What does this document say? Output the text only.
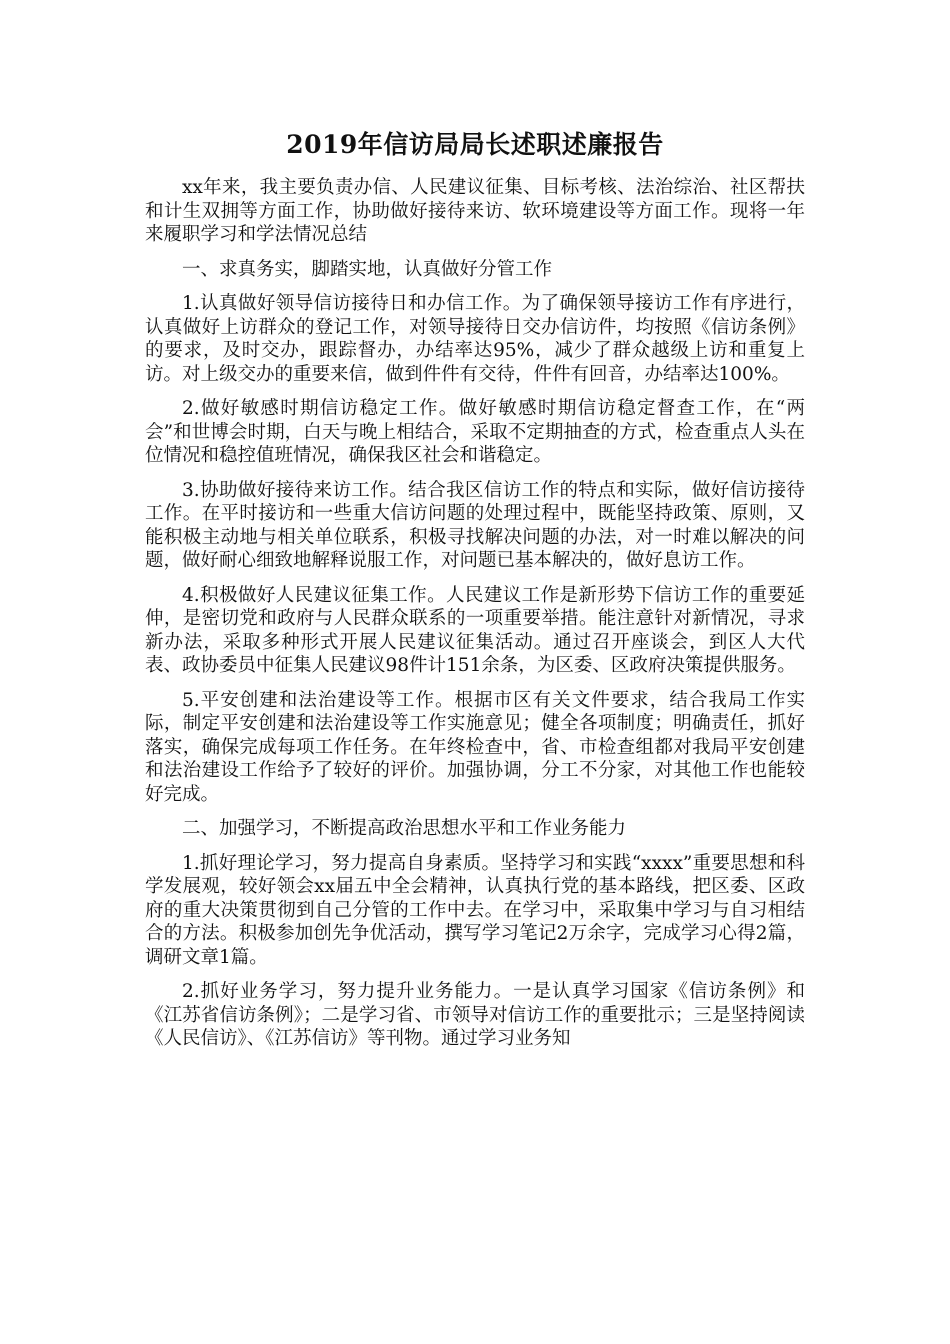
2019年信访局局长述职述廉报告

xx年来，我主要负责办信、人民建议征集、目标考核、法治综治、社区帮扶和计生双拥等方面工作，协助做好接待来访、软环境建设等方面工作。现将一年来履职学习和学法情况总结

一、求真务实，脚踏实地，认真做好分管工作

1.认真做好领导信访接待日和办信工作。为了确保领导接访工作有序进行，认真做好上访群众的登记工作，对领导接待日交办信访件，均按照《信访条例》的要求，及时交办，跟踪督办，办结率达95%，减少了群众越级上访和重复上访。对上级交办的重要来信，做到件件有交待，件件有回音，办结率达100%。

2.做好敏感时期信访稳定工作。做好敏感时期信访稳定督查工作，在“两会”和世博会时期，白天与晚上相结合，采取不定期抽查的方式，检查重点人头在位情况和稳控值班情况，确保我区社会和谐稳定。

3.协助做好接待来访工作。结合我区信访工作的特点和实际，做好信访接待工作。在平时接访和一些重大信访问题的处理过程中，既能坚持政策、原则，又能积极主动地与相关单位联系，积极寻找解决问题的办法，对一时难以解决的问题，做好耐心细致地解释说服工作，对问题已基本解决的，做好息访工作。

4.积极做好人民建议征集工作。人民建议工作是新形势下信访工作的重要延伸，是密切党和政府与人民群众联系的一项重要举措。能注意针对新情况，寻求新办法，采取多种形式开展人民建议征集活动。通过召开座谈会，到区人大代表、政协委员中征集人民建议98件计151余条，为区委、区政府决策提供服务。

5.平安创建和法治建设等工作。根据市区有关文件要求，结合我局工作实际，制定平安创建和法治建设等工作实施意见；健全各项制度；明确责任，抓好落实，确保完成每项工作任务。在年终检查中，省、市检查组都对我局平安创建和法治建设工作给予了较好的评价。加强协调，分工不分家，对其他工作也能较好完成。

二、加强学习，不断提高政治思想水平和工作业务能力

1.抓好理论学习，努力提高自身素质。坚持学习和实践“xxxx”重要思想和科学发展观，较好领会xx届五中全会精神，认真执行党的基本路线，把区委、区政府的重大决策贯彻到自己分管的工作中去。在学习中，采取集中学习与自习相结合的方法。积极参加创先争优活动，撰写学习笔记2万余字，完成学习心得2篇，调研文章1篇。

2.抓好业务学习，努力提升业务能力。一是认真学习国家《信访条例》和《江苏省信访条例》；二是学习省、市领导对信访工作的重要批示；三是坚持阅读《人民信访》、《江苏信访》等刊物。通过学习业务知
